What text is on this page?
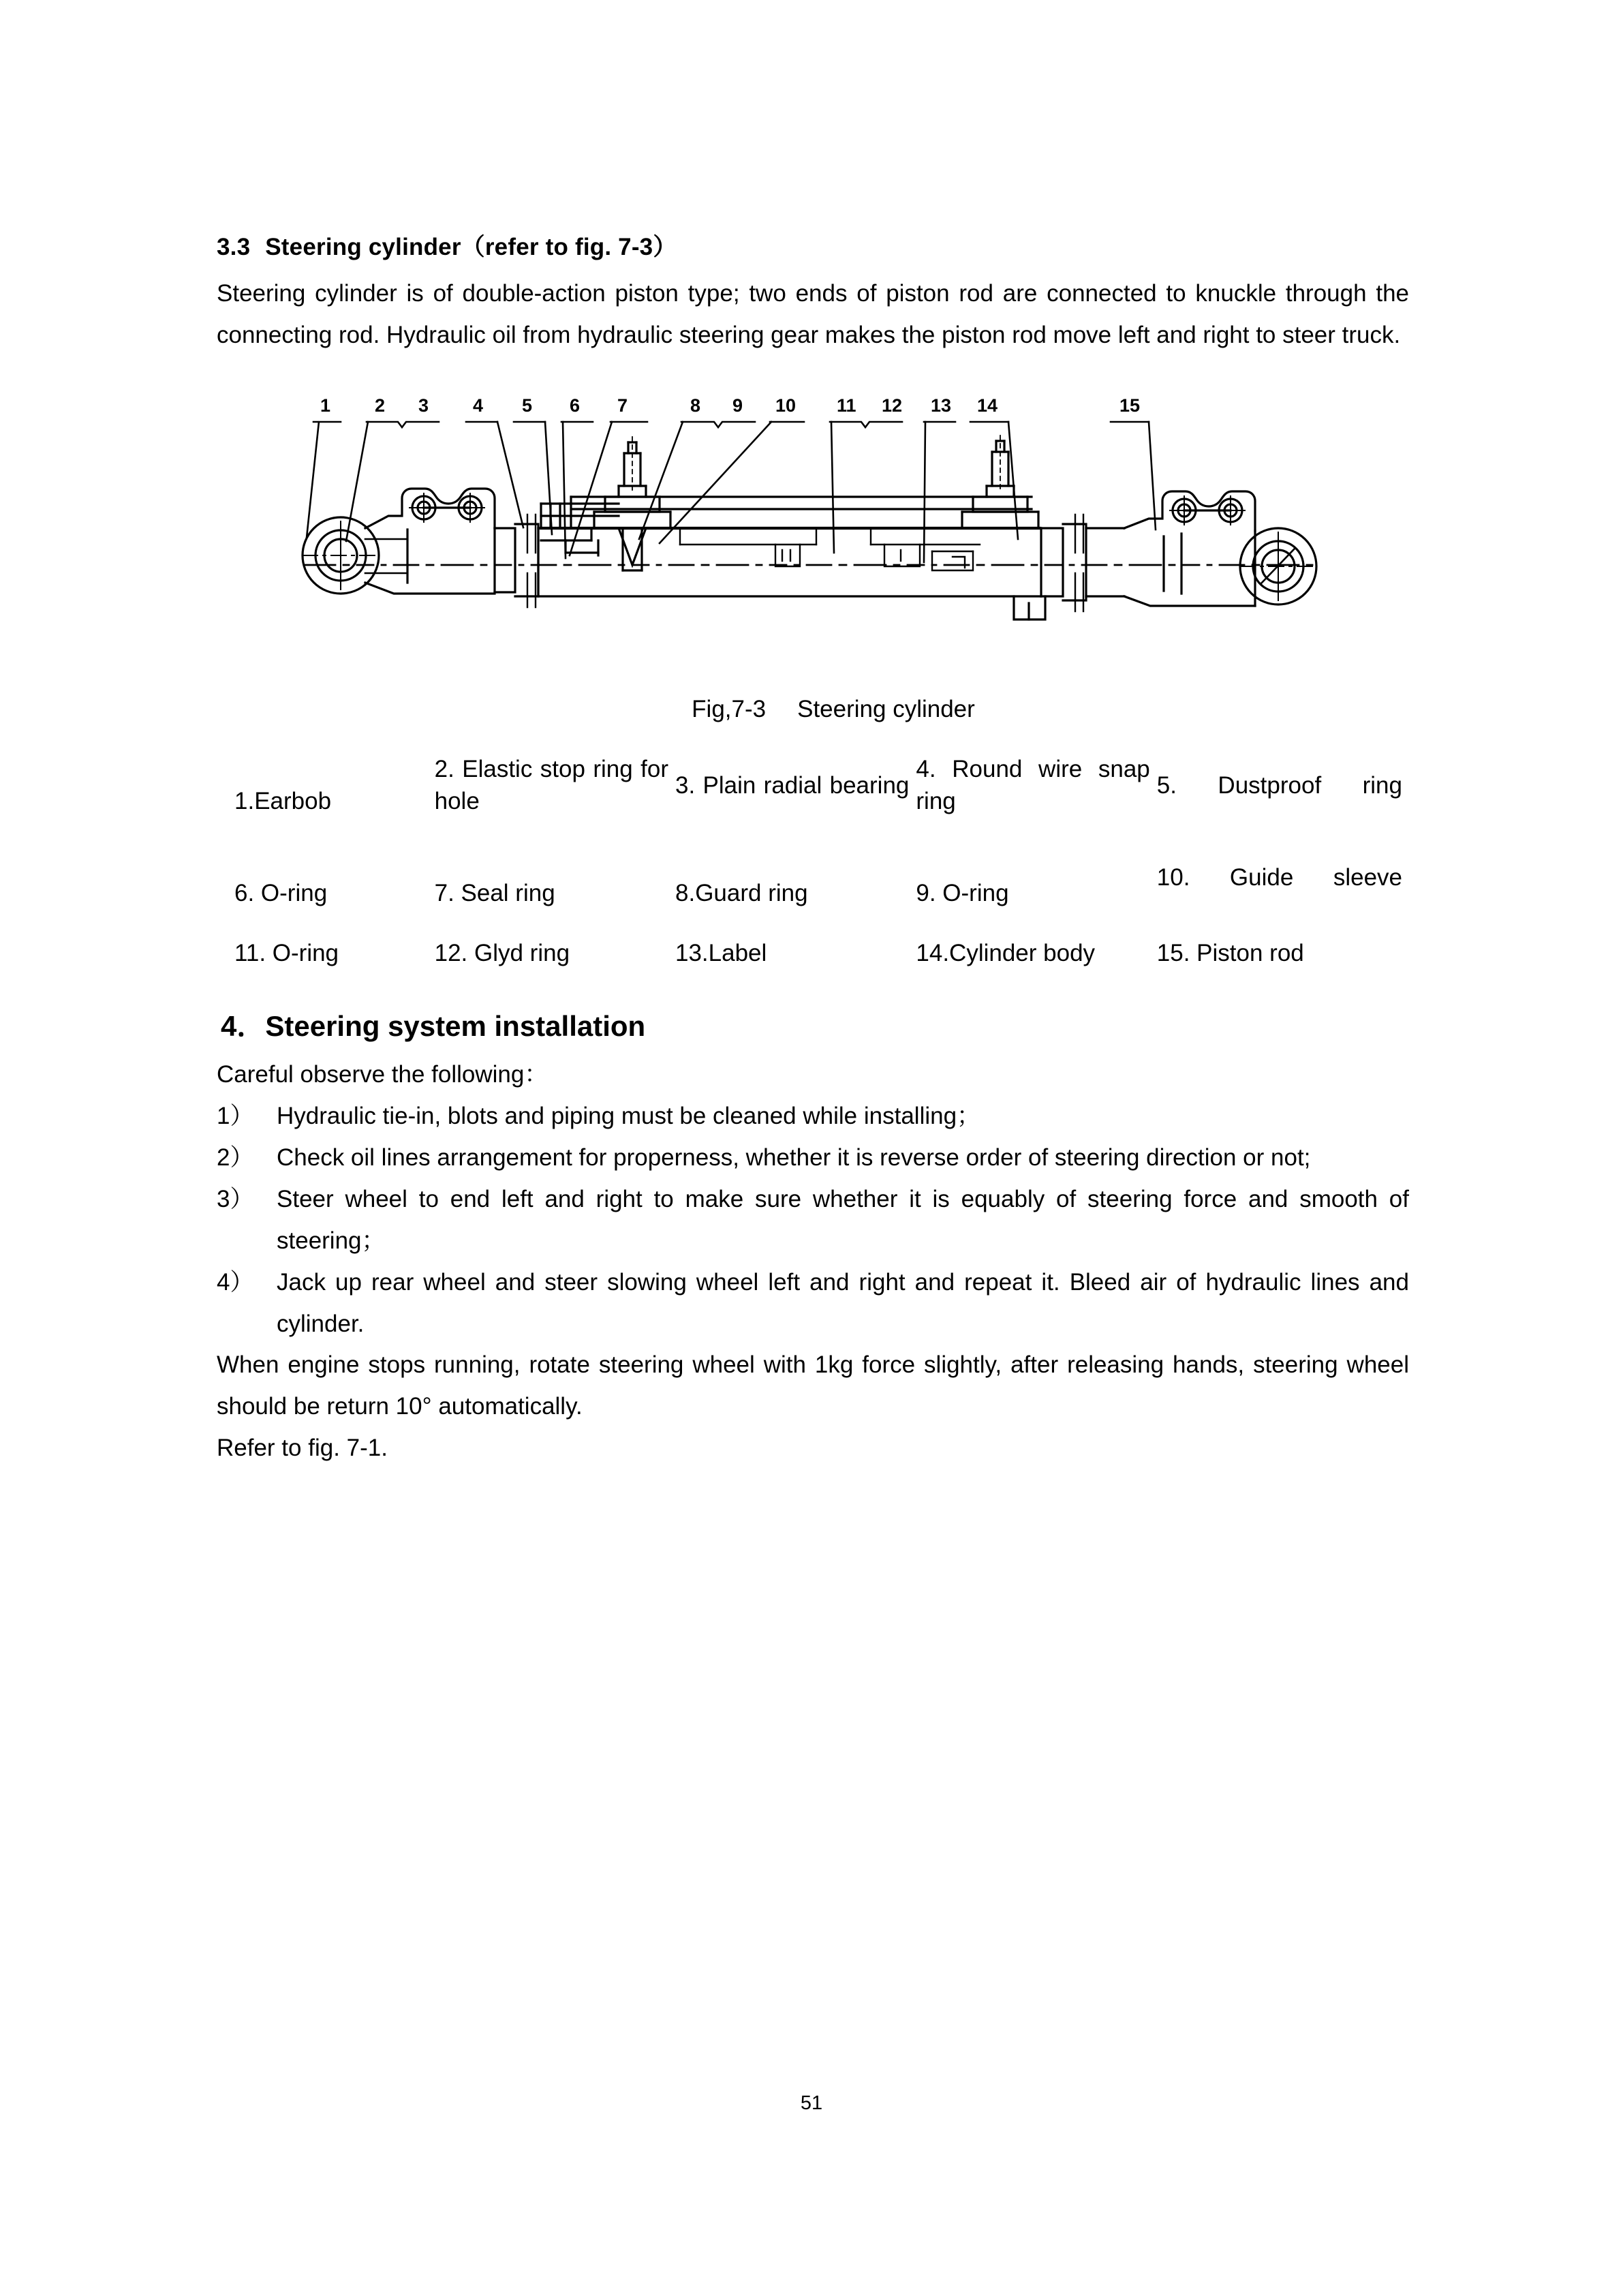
3.3 Steering cylinder（refer to fig. 7-3）

Steering cylinder is of double-action piston type; two ends of piston rod are connected to knuckle through the connecting rod. Hydraulic oil from hydraulic steering gear makes the piston rod move left and right to steer truck.

1 2 3 4 5 6 7	8 9 10 11 12 13 14	15

Fig,7-3 Steering cylinder

1.Earbob	2. Elastic stop ring for hole	3. Plain radial bearing	4. Round wire snap ring	5. Dustproof ring
6. O-ring	7. Seal ring	8.Guard ring	9. O-ring	10. Guide sleeve
11. O-ring	12. Glyd ring	13.Label	14.Cylinder body	15. Piston rod
4．Steering system installation

Careful observe the following：

1） Hydraulic tie-in, blots and piping must be cleaned while installing；
2） Check oil lines arrangement for properness, whether it is reverse order of steering direction or not;
3） Steer wheel to end left and right to make sure whether it is equably of steering force and smooth of steering；
4） Jack up rear wheel and steer slowing wheel left and right and repeat it. Bleed air of hydraulic lines and cylinder.

When engine stops running, rotate steering wheel with 1kg force slightly, after releasing hands, steering wheel should be return 10° automatically.

Refer to fig. 7-1.

51
